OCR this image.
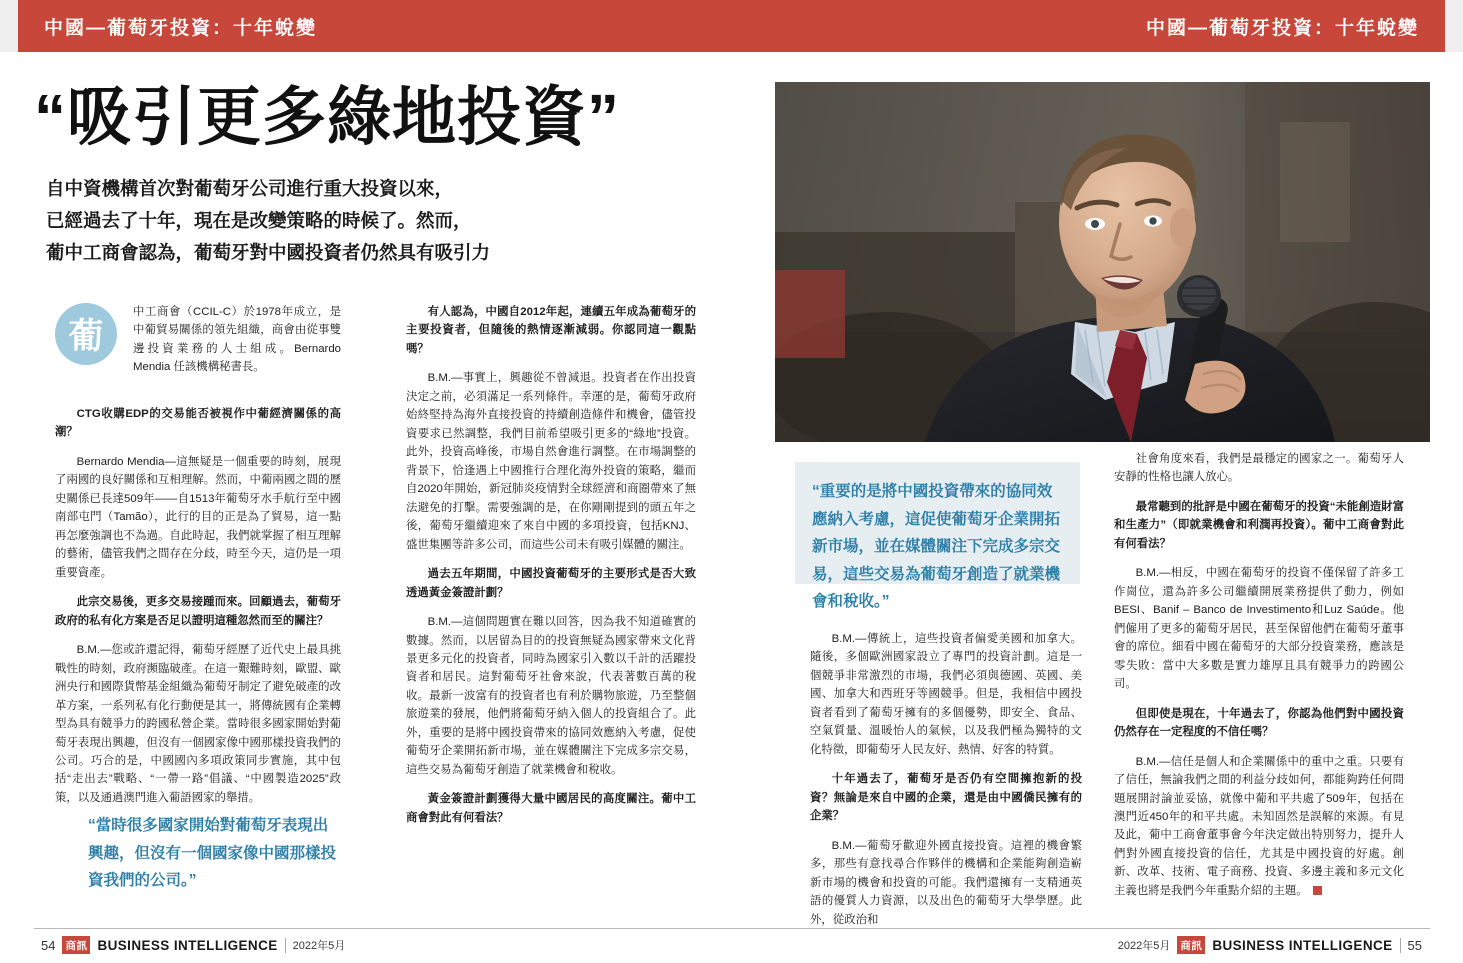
中國—葡萄牙投資：十年蛻變	中國—葡萄牙投資：十年蛻變
“吸引更多綠地投資”
自中資機構首次對葡萄牙公司進行重大投資以來，
已經過去了十年，現在是改變策略的時候了。然而，
葡中工商會認為，葡萄牙對中國投資者仍然具有吸引力
葡

中工商會（CCIL-C）於1978年成立，是中葡貿易關係的領先組織，商會由從事雙邊投資業務的人士組成。Bernardo Mendia 任該機構秘書長。

CTG收購EDP的交易能否被視作中葡經濟關係的高潮？

Bernardo Mendia—這無疑是一個重要的時刻，展現了兩國的良好關係和互相理解。然而，中葡兩國之間的歷史關係已長達509年——自1513年葡萄牙水手航行至中國南部屯門（Tamão），此行的目的正是為了貿易，這一點再怎麼強調也不為過。自此時起，我們就掌握了相互理解的藝術，儘管我們之間存在分歧，時至今天，這仍是一項重要資產。

此宗交易後，更多交易接踵而來。回顧過去，葡萄牙政府的私有化方案是否足以證明這種忽然而至的關注？

B.M.—您或許還記得，葡萄牙經歷了近代史上最具挑戰性的時刻，政府瀕臨破產。在這一艱難時刻，歐盟、歐洲央行和國際貨幣基金組織為葡萄牙制定了避免破產的改革方案，一系列私有化行動便是其一，將傳統國有企業轉型為具有競爭力的跨國私營企業。當時很多國家開始對葡萄牙表現出興趣，但沒有一個國家像中國那樣投資我們的公司。巧合的是，中國國內多項政策同步實施，其中包括“走出去”戰略、“一帶一路”倡議、“中國製造2025”政策，以及通過澳門進入葡語國家的舉措。

“當時很多國家開始對葡萄牙表現出興趣，但沒有一個國家像中國那樣投資我們的公司。”

有人認為，中國自2012年起，連續五年成為葡萄牙的主要投資者，但隨後的熱情逐漸減弱。你認同這一觀點嗎？

B.M.—事實上，興趣從不曾減退。投資者在作出投資決定之前，必須滿足一系列條件。幸運的是，葡萄牙政府始終堅持為海外直接投資的持續創造條件和機會，儘管投資要求已然調整，我們目前希望吸引更多的“綠地”投資。此外，投資高峰後，市場自然會進行調整。在市場調整的背景下，恰逢遇上中國推行合理化海外投資的策略，繼而自2020年開始，新冠肺炎疫情對全球經濟和商圈帶來了無法避免的打擊。需要強調的是，在你剛剛提到的頭五年之後，葡萄牙繼續迎來了來自中國的多項投資，包括KNJ、盛世集團等許多公司，而這些公司未有吸引媒體的關注。

過去五年期間，中國投資葡萄牙的主要形式是否大致透過黃金簽證計劃？

B.M.—這個問題實在難以回答，因為我不知道確實的數據。然而，以居留為目的的投資無疑為國家帶來文化背景更多元化的投資者，同時為國家引入數以千計的活躍投資者和居民。這對葡萄牙社會來說，代表著數百萬的稅收。最新一波富有的投資者也有利於購物旅遊，乃至整個旅遊業的發展，他們將葡萄牙納入個人的投資組合了。此外，重要的是將中國投資帶來的協同效應納入考慮，促使葡萄牙企業開拓新市場，並在媒體關注下完成多宗交易，這些交易為葡萄牙創造了就業機會和稅收。

黃金簽證計劃獲得大量中國居民的高度關注。葡中工商會對此有何看法？

“重要的是將中國投資帶來的協同效應納入考慮，這促使葡萄牙企業開拓新市場，並在媒體關注下完成多宗交易，這些交易為葡萄牙創造了就業機會和稅收。”

B.M.—傳統上，這些投資者偏愛美國和加拿大。隨後，多個歐洲國家設立了專門的投資計劃。這是一個競爭非常激烈的市場，我們必須與德國、英國、美國、加拿大和西班牙等國競爭。但是，我相信中國投資者看到了葡萄牙擁有的多個優勢，即安全、食品、空氣質量、溫暖怡人的氣候，以及我們極為獨特的文化特徵，即葡萄牙人民友好、熱情、好客的特質。

十年過去了，葡萄牙是否仍有空間擁抱新的投資？無論是來自中國的企業，還是由中國僑民擁有的企業？

B.M.—葡萄牙歡迎外國直接投資。這裡的機會繁多，那些有意找尋合作夥伴的機構和企業能夠創造嶄新市場的機會和投資的可能。我們還擁有一支精通英語的優質人力資源，以及出色的葡萄牙大學學歷。此外，從政治和

社會角度來看，我們是最穩定的國家之一。葡萄牙人安靜的性格也讓人放心。

最常聽到的批評是中國在葡萄牙的投資“未能創造財富和生產力”（即就業機會和利潤再投資）。葡中工商會對此有何看法？

B.M.—相反，中國在葡萄牙的投資不僅保留了許多工作崗位，還為許多公司繼續開展業務提供了動力，例如BESI、Banif – Banco de Investimento和Luz Saúde。他們僱用了更多的葡萄牙居民，甚至保留他們在葡萄牙董事會的席位。細看中國在葡萄牙的大部分投資業務，應該是零失敗：當中大多數是實力雄厚且具有競爭力的跨國公司。

但即使是現在，十年過去了，你認為他們對中國投資仍然存在一定程度的不信任嗎？

B.M.—信任是個人和企業關係中的重中之重。只要有了信任，無論我們之間的利益分歧如何，都能夠跨任何問題展開討論並妥協，就像中葡和平共處了509年，包括在澳門近450年的和平共處。未知固然是誤解的來源。有見及此，葡中工商會董事會今年決定做出特別努力，提升人們對外國直接投資的信任，尤其是中國投資的好處。創新、改革、技術、電子商務、投資、多邊主義和多元文化主義也將是我們今年重點介紹的主題。

54 商訊 BUSINESS INTELLIGENCE 2022年5月	2022年5月 商訊 BUSINESS INTELLIGENCE 55
